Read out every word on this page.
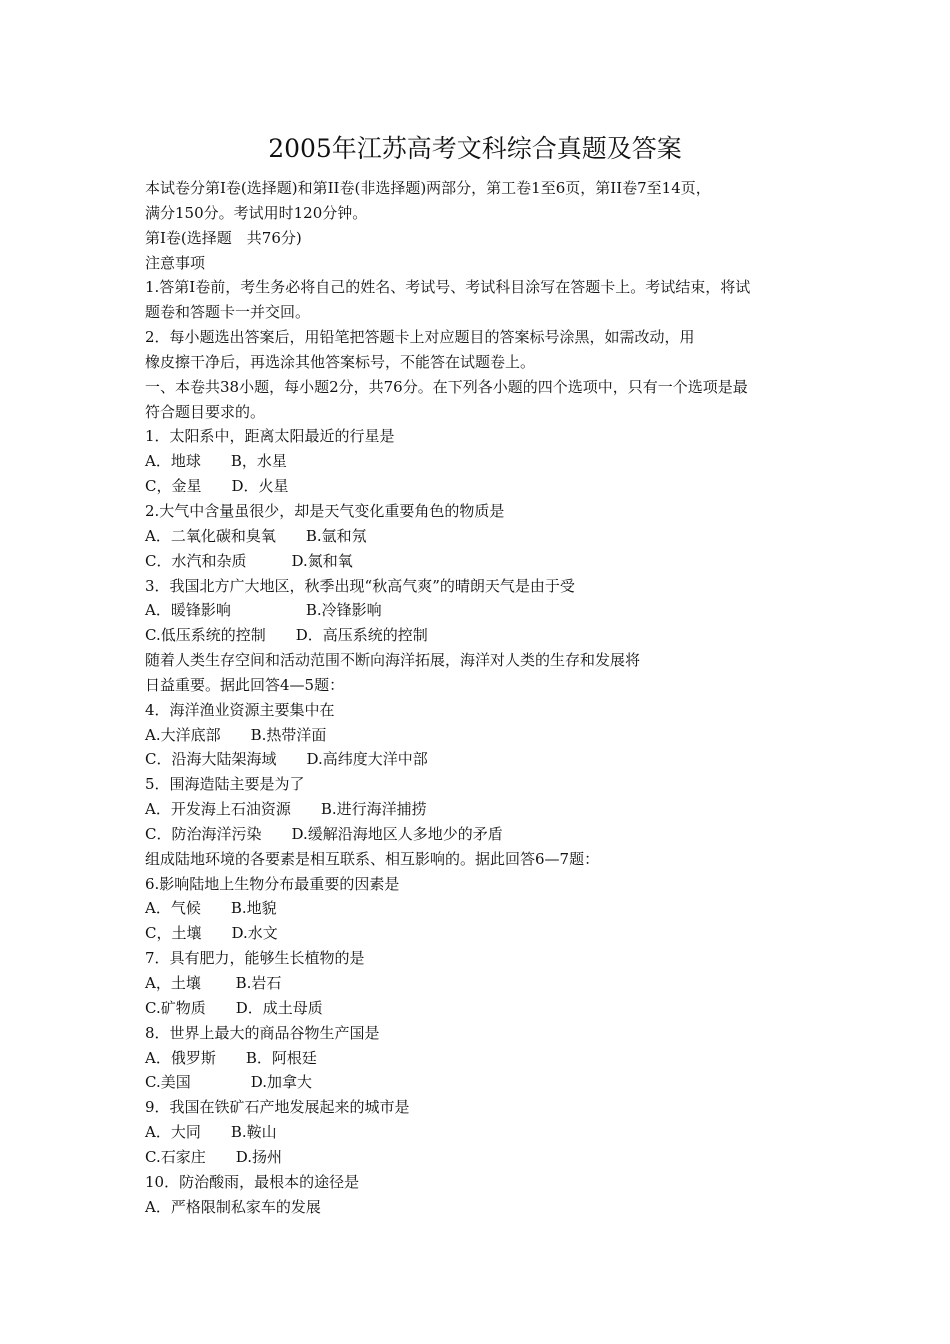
2005年江苏高考文科综合真题及答案
本试卷分第Ⅰ卷(选择题)和第II卷(非选择题)两部分，第工卷1至6页，第II卷7至14页，
满分150分。考试用时120分钟。
第Ⅰ卷(选择题　共76分)
注意事项
1.答第Ⅰ卷前，考生务必将自己的姓名、考试号、考试科目涂写在答题卡上。考试结束，将试
题卷和答题卡一并交回。
2．每小题选出答案后，用铅笔把答题卡上对应题目的答案标号涂黑，如需改动，用
橡皮擦干净后，再选涂其他答案标号，不能答在试题卷上。
一、本卷共38小题，每小题2分，共76分。在下列各小题的四个选项中，只有一个选项是最
符合题目要求的。
1．太阳系中，距离太阳最近的行星是
A．地球　　B，水星
C，金星　　D．火星
2.大气中含量虽很少，却是天气变化重要角色的物质是
A．二氧化碳和臭氧　　B.氩和氖
C．水汽和杂质　　　D.氮和氧
3．我国北方广大地区，秋季出现“秋高气爽”的晴朗天气是由于受
A．暖锋影响　　　　　B.冷锋影响
C.低压系统的控制　　D．高压系统的控制
随着人类生存空间和活动范围不断向海洋拓展，海洋对人类的生存和发展将
日益重要。据此回答4—5题：
4．海洋渔业资源主要集中在
A.大洋底部　　B.热带洋面
C．沿海大陆架海域　　D.高纬度大洋中部
5．围海造陆主要是为了
A．开发海上石油资源　　B.进行海洋捕捞
C．防治海洋污染　　D.缓解沿海地区人多地少的矛盾
组成陆地环境的各要素是相互联系、相互影响的。据此回答6—7题：
6.影响陆地上生物分布最重要的因素是
A．气候　　B.地貌
C，土壤　　D.水文
7．具有肥力，能够生长植物的是
A，土壤　　 B.岩石
C.矿物质　　D．成土母质
8．世界上最大的商品谷物生产国是
A．俄罗斯　　B．阿根廷
C.美国　　　　D.加拿大
9．我国在铁矿石产地发展起来的城市是
A．大同　　B.鞍山
C.石家庄　　D.扬州
10．防治酸雨，最根本的途径是
A．严格限制私家车的发展
